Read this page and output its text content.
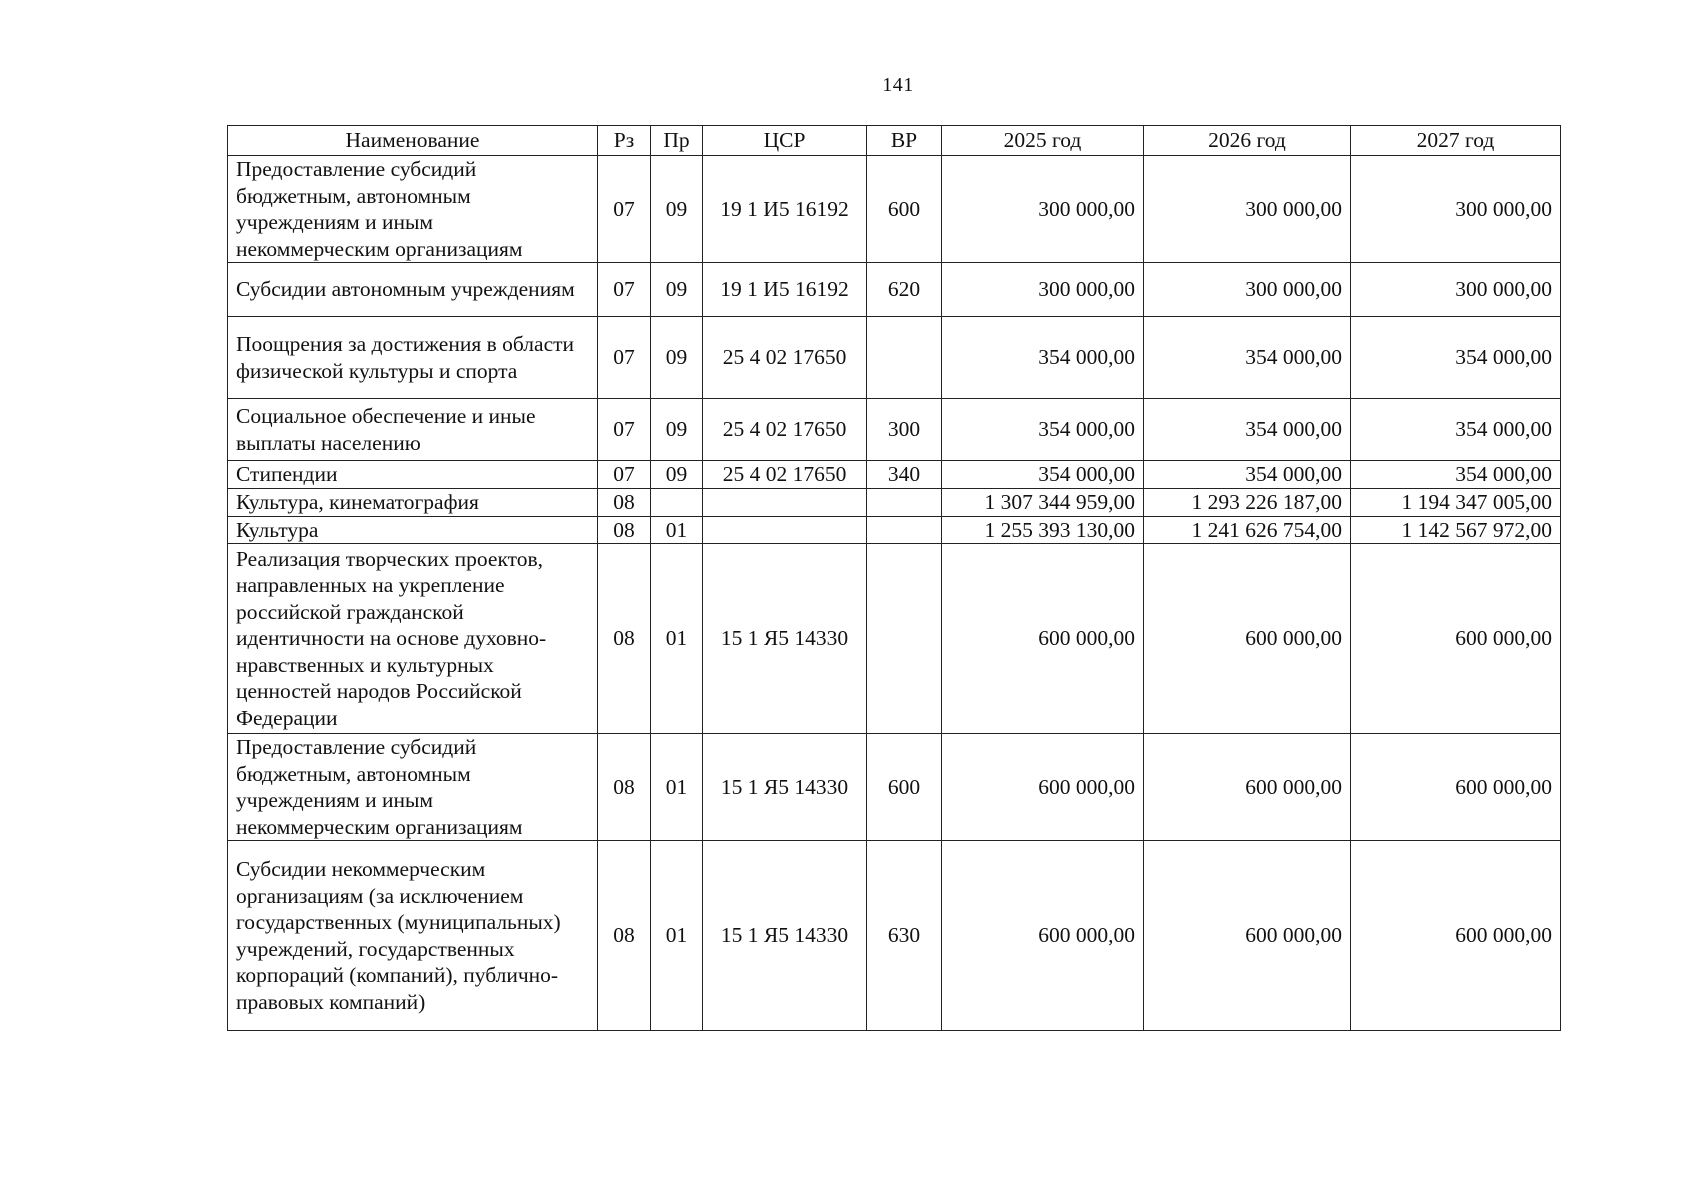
141
Наименование	Рз	Пр	ЦСР	ВР	2025 год	2026 год	2027 год
Предоставление субсидий бюджетным, автономным учреждениям и иным некоммерческим организациям	07	09	19 1 И5 16192	600	300 000,00	300 000,00	300 000,00
Субсидии автономным учреждениям	07	09	19 1 И5 16192	620	300 000,00	300 000,00	300 000,00
Поощрения за достижения в области физической культуры и спорта	07	09	25 4 02 17650		354 000,00	354 000,00	354 000,00
Социальное обеспечение и иные выплаты населению	07	09	25 4 02 17650	300	354 000,00	354 000,00	354 000,00
Стипендии	07	09	25 4 02 17650	340	354 000,00	354 000,00	354 000,00
Культура, кинематография	08				1 307 344 959,00	1 293 226 187,00	1 194 347 005,00
Культура	08	01			1 255 393 130,00	1 241 626 754,00	1 142 567 972,00
Реализация творческих проектов, направленных на укрепление российской гражданской идентичности на основе духовно-нравственных и культурных ценностей народов Российской Федерации	08	01	15 1 Я5 14330		600 000,00	600 000,00	600 000,00
Предоставление субсидий бюджетным, автономным учреждениям и иным некоммерческим организациям	08	01	15 1 Я5 14330	600	600 000,00	600 000,00	600 000,00
Субсидии некоммерческим организациям (за исключением государственных (муниципальных) учреждений, государственных корпораций (компаний), публично-правовых компаний)	08	01	15 1 Я5 14330	630	600 000,00	600 000,00	600 000,00
